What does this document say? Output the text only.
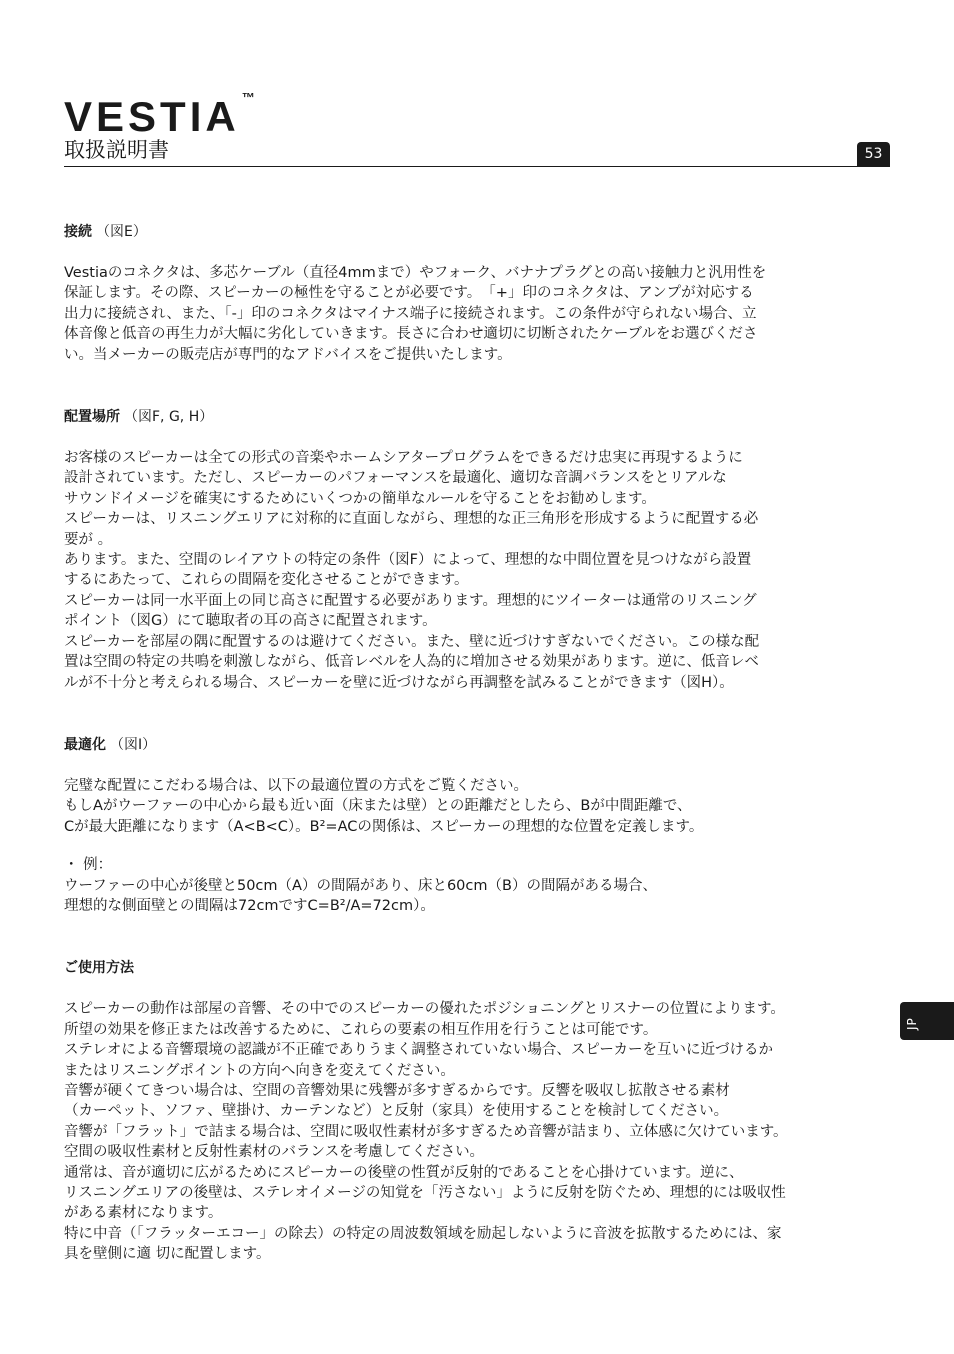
VESTIA ™
取扱説明書	53
JP

接続 （図E）

Vestiaのコネクタは、多芯ケーブル（直径4mmまで）やフォーク、バナナプラグとの高い接触力と汎用性を

保証します。その際、スピーカーの極性を守ることが必要です。　「+」印のコネクタは、アンプが対応する

出力に接続され、また、「-」印のコネクタはマイナス端子に接続されます。この条件が守られない場合、立

体音像と低音の再生力が大幅に劣化していきます。長さに合わせ適切に切断されたケーブルをお選びくださ

い。当メーカーの販売店が専門的なアドバイスをご提供いたします。

配置場所 （図F, G, H）

お客様のスピーカーは全ての形式の音楽やホームシアタープログラムをできるだけ忠実に再現するように

設計されています。ただし、スピーカーのパフォーマンスを最適化、適切な音調バランスをとリアルな

サウンドイメージを確実にするためにいくつかの簡単なルールを守ることをお勧めします。

スピーカーは、リスニングエリアに対称的に直面しながら、理想的な正三角形を形成するように配置する必

要が 。

あります。また、空間のレイアウトの特定の条件（図F）によって、理想的な中間位置を見つけながら設置

するにあたって、これらの間隔を変化させることができます。

スピーカーは同一水平面上の同じ高さに配置する必要があります。理想的にツイーターは通常のリスニング

ポイント（図G）にて聴取者の耳の高さに配置されます。

スピーカーを部屋の隅に配置するのは避けてください。また、壁に近づけすぎないでください。この様な配

置は空間の特定の共鳴を刺激しながら、低音レベルを人為的に増加させる効果があります。逆に、低音レベ

ルが不十分と考えられる場合、スピーカーを壁に近づけながら再調整を試みることができます（図H）。

最適化 （図I）

完璧な配置にこだわる場合は、以下の最適位置の方式をご覧ください。

もしAがウーファーの中心から最も近い面（床または壁）との距離だとしたら、Bが中間距離で、

Cが最大距離になります（A<B<C）。B²=ACの関係は、スピーカーの理想的な位置を定義します。

・ 例：

ウーファーの中心が後壁と50cm（A）の間隔があり、床と60cm（B）の間隔がある場合、

理想的な側面壁との間隔は72cmですC=B²/A=72cm）。

ご使用方法

スピーカーの動作は部屋の音響、その中でのスピーカーの優れたポジショニングとリスナーの位置によります。

所望の効果を修正または改善するために、これらの要素の相互作用を行うことは可能です。

ステレオによる音響環境の認識が不正確でありうまく調整されていない場合、スピーカーを互いに近づけるか

またはリスニングポイントの方向へ向きを変えてください。

音響が硬くてきつい場合は、空間の音響効果に残響が多すぎるからです。反響を吸収し拡散させる素材

（カーペット、ソファ、壁掛け、カーテンなど）と反射（家具）を使用することを検討してください。

音響が「フラット」で詰まる場合は、空間に吸収性素材が多すぎるため音響が詰まり、立体感に欠けています。

空間の吸収性素材と反射性素材のバランスを考慮してください。

通常は、音が適切に広がるためにスピーカーの後壁の性質が反射的であることを心掛けています。逆に、

リスニングエリアの後壁は、ステレオイメージの知覚を「汚さない」ように反射を防ぐため、理想的には吸収性

がある素材になります。

特に中音（「フラッターエコー」の除去）の特定の周波数領域を励起しないように音波を拡散するためには、家

具を壁側に適 切に配置します。
